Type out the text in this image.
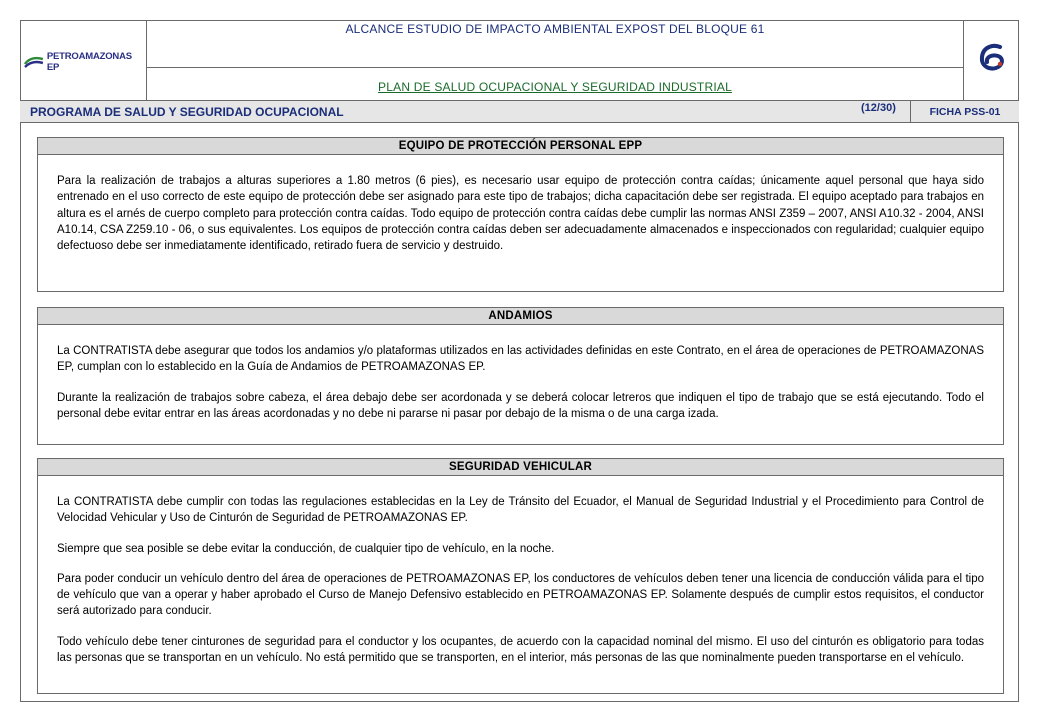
PETROAMAZONAS EP
ALCANCE ESTUDIO DE IMPACTO AMBIENTAL EXPOST DEL BLOQUE 61
PLAN DE SALUD OCUPACIONAL Y SEGURIDAD INDUSTRIAL
PROGRAMA DE SALUD Y SEGURIDAD OCUPACIONAL	(12/30)	FICHA PSS-01
EQUIPO DE PROTECCIÓN PERSONAL EPP

Para la realización de trabajos a alturas superiores a 1.80 metros (6 pies), es necesario usar equipo de protección contra caídas; únicamente aquel personal que haya sido entrenado en el uso correcto de este equipo de protección debe ser asignado para este tipo de trabajos; dicha capacitación debe ser registrada. El equipo aceptado para trabajos en altura es el arnés de cuerpo completo para protección contra caídas. Todo equipo de protección contra caídas debe cumplir las normas ANSI Z359 – 2007, ANSI A10.32 - 2004, ANSI A10.14, CSA Z259.10 - 06, o sus equivalentes. Los equipos de protección contra caídas deben ser adecuadamente almacenados e inspeccionados con regularidad; cualquier equipo defectuoso debe ser inmediatamente identificado, retirado fuera de servicio y destruido.

ANDAMIOS

La CONTRATISTA debe asegurar que todos los andamios y/o plataformas utilizados en las actividades definidas en este Contrato, en el área de operaciones de PETROAMAZONAS EP, cumplan con lo establecido en la Guía de Andamios de PETROAMAZONAS EP.

Durante la realización de trabajos sobre cabeza, el área debajo debe ser acordonada y se deberá colocar letreros que indiquen el tipo de trabajo que se está ejecutando. Todo el personal debe evitar entrar en las áreas acordonadas y no debe ni pararse ni pasar por debajo de la misma o de una carga izada.

SEGURIDAD VEHICULAR

La CONTRATISTA debe cumplir con todas las regulaciones establecidas en la Ley de Tránsito del Ecuador, el Manual de Seguridad Industrial y el Procedimiento para Control de Velocidad Vehicular y Uso de Cinturón de Seguridad de PETROAMAZONAS EP.

Siempre que sea posible se debe evitar la conducción, de cualquier tipo de vehículo, en la noche.

Para poder conducir un vehículo dentro del área de operaciones de PETROAMAZONAS EP, los conductores de vehículos deben tener una licencia de conducción válida para el tipo de vehículo que van a operar y haber aprobado el Curso de Manejo Defensivo establecido en PETROAMAZONAS EP. Solamente después de cumplir estos requisitos, el conductor será autorizado para conducir.

Todo vehículo debe tener cinturones de seguridad para el conductor y los ocupantes, de acuerdo con la capacidad nominal del mismo. El uso del cinturón es obligatorio para todas las personas que se transportan en un vehículo. No está permitido que se transporten, en el interior, más personas de las que nominalmente pueden transportarse en el vehículo.
